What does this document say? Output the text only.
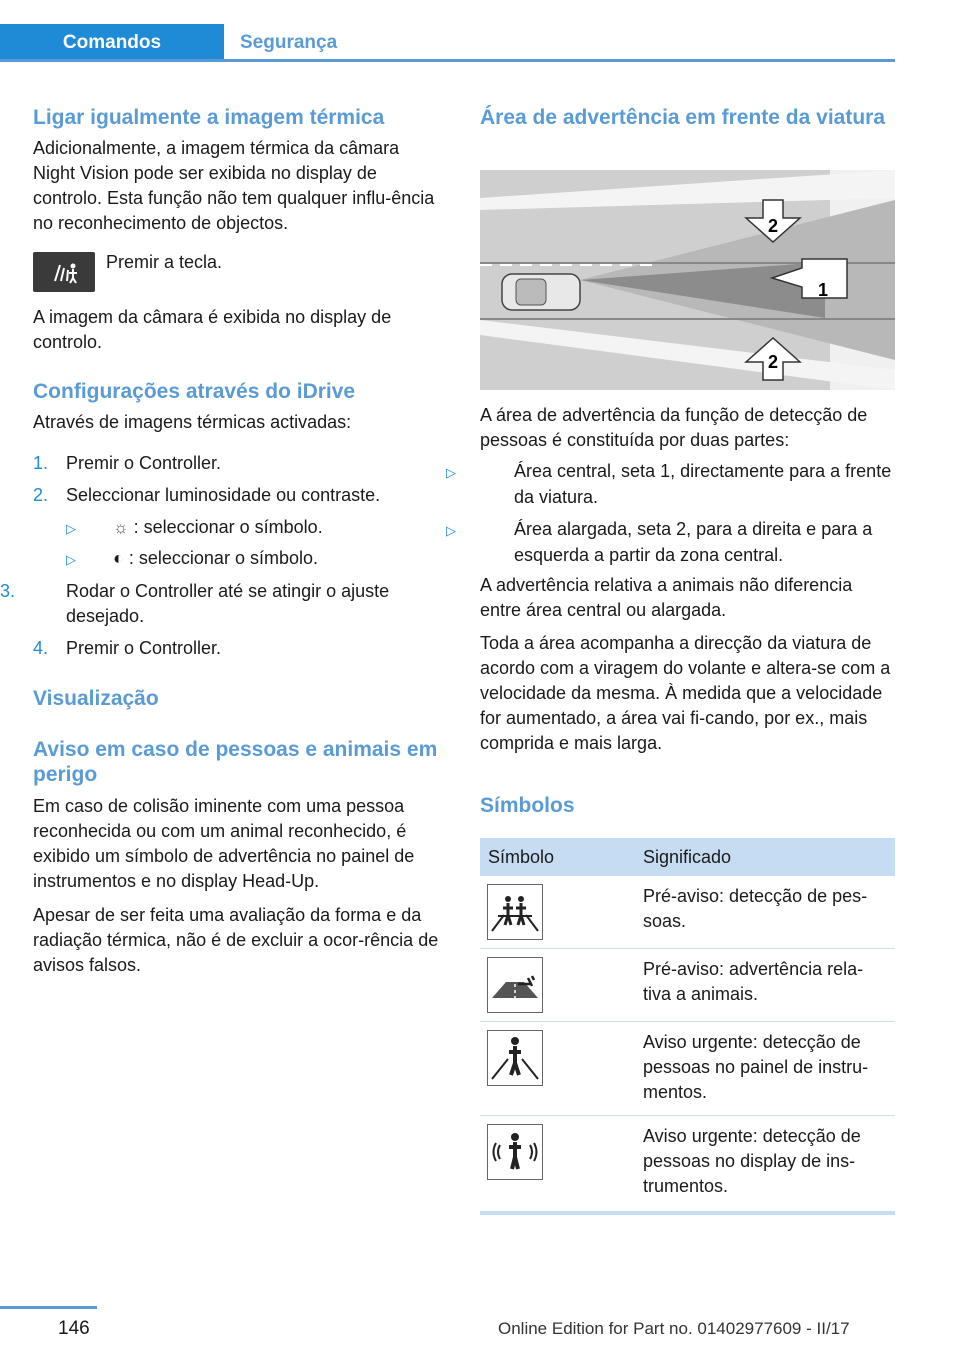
Comandos	Segurança
Ligar igualmente a imagem térmica

Adicionalmente, a imagem térmica da câmara Night Vision pode ser exibida no display de controlo. Esta função não tem qualquer influ-ência no reconhecimento de objectos.

Premir a tecla.

A imagem da câmara é exibida no display de controlo.

Configurações através do iDrive

Através de imagens térmicas activadas:

1. Premir o Controller.

2. Seleccionar luminosidade ou contraste.

▷ ☼ : seleccionar o símbolo.

▷ ◐ : seleccionar o símbolo.

3.	Rodar o Controller até se atingir o ajuste desejado.

4. Premir o Controller.

Visualização
Aviso em caso de pessoas e animais em perigo

Em caso de colisão iminente com uma pessoa reconhecida ou com um animal reconhecido, é exibido um símbolo de advertência no painel de instrumentos e no display Head-Up.

Apesar de ser feita uma avaliação da forma e da radiação térmica, não é de excluir a ocor-rência de avisos falsos.

Área de advertência em frente da viatura
2
1
2

A área de advertência da função de detecção de pessoas é constituída por duas partes:

▷	Área central, seta 1, directamente para a frente da viatura.

▷	Área alargada, seta 2, para a direita e para a esquerda a partir da zona central.

A advertência relativa a animais não diferencia entre área central ou alargada.

Toda a área acompanha a direcção da viatura de acordo com a viragem do volante e altera-se com a velocidade da mesma. À medida que a velocidade for aumentado, a área vai fi-cando, por ex., mais comprida e mais larga.

Símbolos
Símbolo	Significado

	Pré-aviso: detecção de pes-soas.

	Pré-aviso: advertência rela-tiva a animais.

	Aviso urgente: detecção de pessoas no painel de instru-mentos.

	Aviso urgente: detecção de pessoas no display de ins-trumentos.
146	Online Edition for Part no. 01402977609 - II/17
